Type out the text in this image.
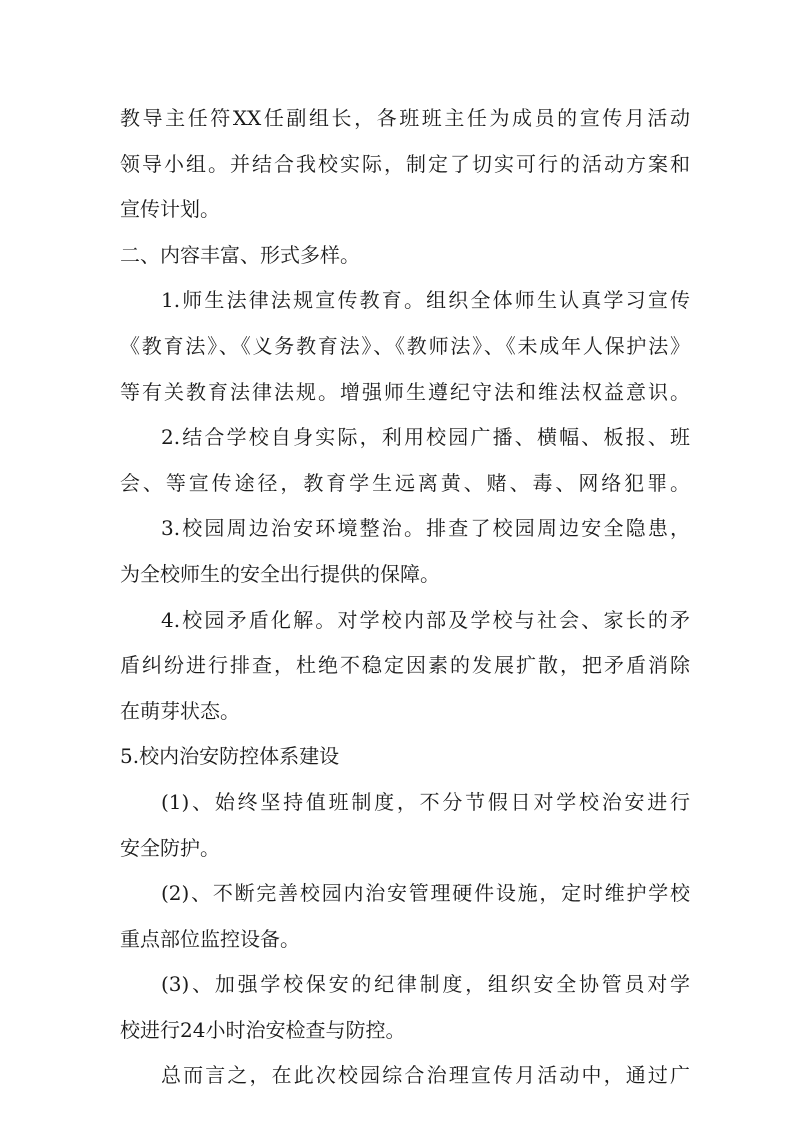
教导主任符XX任副组长，各班班主任为成员的宣传月活动
领导小组。并结合我校实际，制定了切实可行的活动方案和
宣传计划。
二、内容丰富、形式多样。
1.师生法律法规宣传教育。组织全体师生认真学习宣传
《教育法》、《义务教育法》、《教师法》、《未成年人保护法》
等有关教育法律法规。增强师生遵纪守法和维法权益意识。
2.结合学校自身实际，利用校园广播、横幅、板报、班
会、等宣传途径，教育学生远离黄、赌、毒、网络犯罪。
3.校园周边治安环境整治。排查了校园周边安全隐患，
为全校师生的安全出行提供的保障。
4.校园矛盾化解。对学校内部及学校与社会、家长的矛
盾纠纷进行排查，杜绝不稳定因素的发展扩散，把矛盾消除
在萌芽状态。
5.校内治安防控体系建设
(1)、始终坚持值班制度，不分节假日对学校治安进行
安全防护。
(2)、不断完善校园内治安管理硬件设施，定时维护学校
重点部位监控设备。
(3)、加强学校保安的纪律制度，组织安全协管员对学
校进行24小时治安检查与防控。
总而言之，在此次校园综合治理宣传月活动中，通过广
